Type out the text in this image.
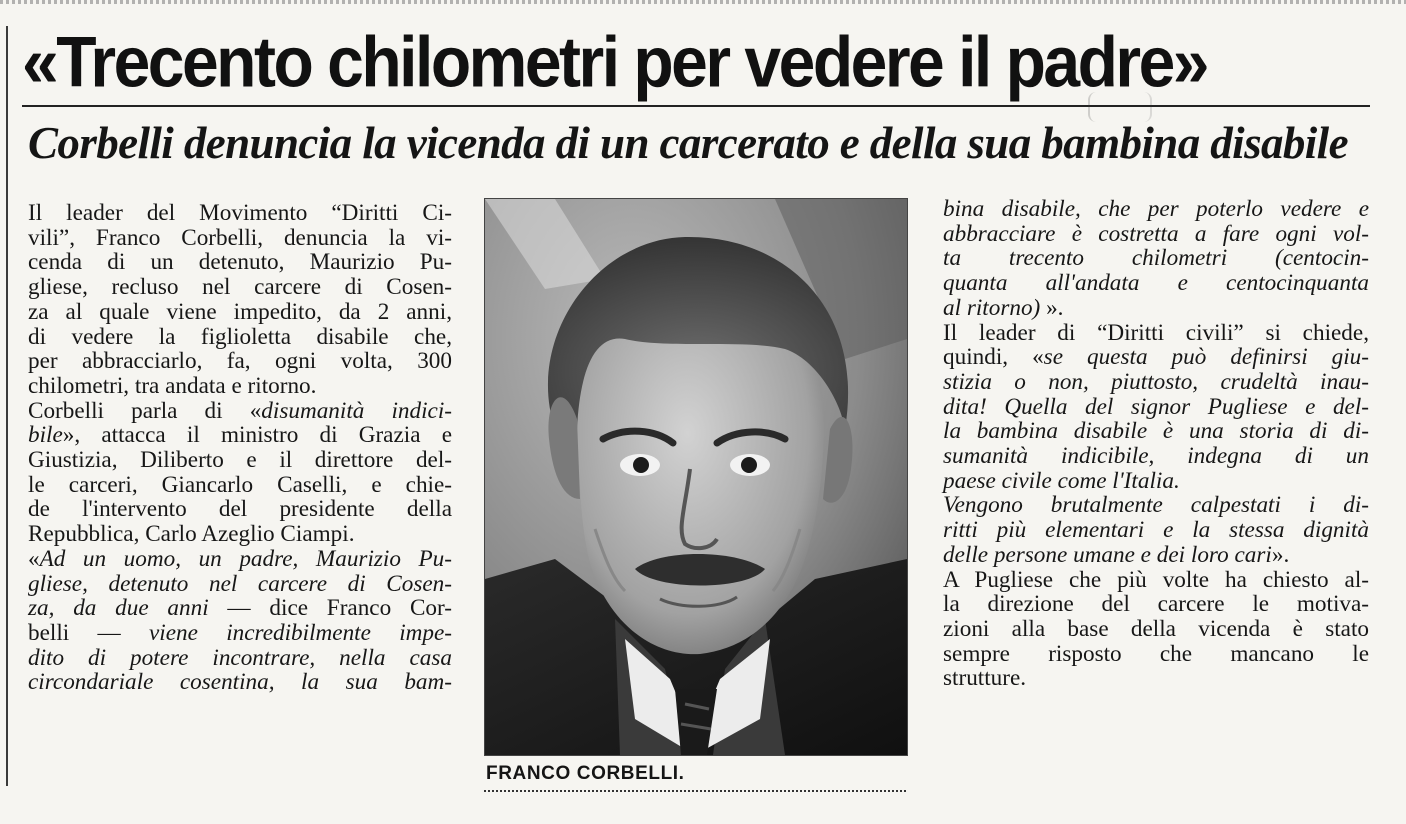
«Trecento chilometri per vedere il padre»
Corbelli denuncia la vicenda di un carcerato e della sua bambina disabile
Il leader del Movimento “Diritti Ci-
vili”, Franco Corbelli, denuncia la vi-
cenda di un detenuto, Maurizio Pu-
gliese, recluso nel carcere di Cosen-
za al quale viene impedito, da 2 anni,
di vedere la figlioletta disabile che,
per abbracciarlo, fa, ogni volta, 300
chilometri, tra andata e ritorno.
Corbelli parla di «disumanità indici-
bile», attacca il ministro di Grazia e
Giustizia, Diliberto e il direttore del-
le carceri, Giancarlo Caselli, e chie-
de l'intervento del presidente della
Repubblica, Carlo Azeglio Ciampi.
«Ad un uomo, un padre, Maurizio Pu-
gliese, detenuto nel carcere di Cosen-
za, da due anni — dice Franco Cor-
belli — viene incredibilmente impe-
dito di potere incontrare, nella casa
circondariale cosentina, la sua bam-

FRANCO CORBELLI.

bina disabile, che per poterlo vedere e
abbracciare è costretta a fare ogni vol-
ta trecento chilometri (centocin-
quanta all'andata e centocinquanta
al ritorno) ».
Il leader di “Diritti civili” si chiede,
quindi, «se questa può definirsi giu-
stizia o non, piuttosto, crudeltà inau-
dita! Quella del signor Pugliese e del-
la bambina disabile è una storia di di-
sumanità indicibile, indegna di un
paese civile come l'Italia.
Vengono brutalmente calpestati i di-
ritti più elementari e la stessa dignità
delle persone umane e dei loro cari».
A Pugliese che più volte ha chiesto al-
la direzione del carcere le motiva-
zioni alla base della vicenda è stato
sempre risposto che mancano le
strutture.
